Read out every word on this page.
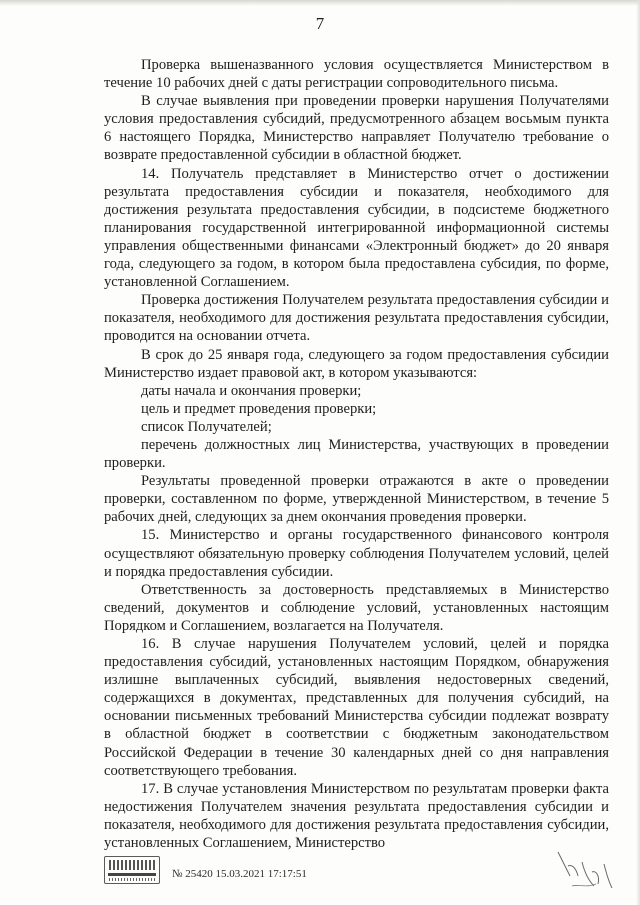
7

Проверка вышеназванного условия осуществляется Министерством в течение 10 рабочих дней с даты регистрации сопроводительного письма.

В случае выявления при проведении проверки нарушения Получателями условия предоставления субсидий, предусмотренного абзацем восьмым пункта 6 настоящего Порядка, Министерство направляет Получателю требование о возврате предоставленной субсидии в областной бюджет.

14. Получатель представляет в Министерство отчет о достижении результата предоставления субсидии и показателя, необходимого для достижения результата предоставления субсидии, в подсистеме бюджетного планирования государственной интегрированной информационной системы управления общественными финансами «Электронный бюджет» до 20 января года, следующего за годом, в котором была предоставлена субсидия, по форме, установленной Соглашением.

Проверка достижения Получателем результата предоставления субсидии и показателя, необходимого для достижения результата предоставления субсидии, проводится на основании отчета.

В срок до 25 января года, следующего за годом предоставления субсидии Министерство издает правовой акт, в котором указываются:

даты начала и окончания проверки;

цель и предмет проведения проверки;

список Получателей;

перечень должностных лиц Министерства, участвующих в проведении проверки.

Результаты проведенной проверки отражаются в акте о проведении проверки, составленном по форме, утвержденной Министерством, в течение 5 рабочих дней, следующих за днем окончания проведения проверки.

15. Министерство и органы государственного финансового контроля осуществляют обязательную проверку соблюдения Получателем условий, целей и порядка предоставления субсидии.

Ответственность за достоверность представляемых в Министерство сведений, документов и соблюдение условий, установленных настоящим Порядком и Соглашением, возлагается на Получателя.

16. В случае нарушения Получателем условий, целей и порядка предоставления субсидий, установленных настоящим Порядком, обнаружения излишне выплаченных субсидий, выявления недостоверных сведений, содержащихся в документах, представленных для получения субсидий, на основании письменных требований Министерства субсидии подлежат возврату в областной бюджет в соответствии с бюджетным законодательством Российской Федерации в течение 30 календарных дней со дня направления соответствующего требования.

17. В случае установления Министерством по результатам проверки факта недостижения Получателем значения результата предоставления субсидии и показателя, необходимого для достижения результата предоставления субсидии, установленных Соглашением, Министерство

№ 25420 15.03.2021 17:17:51
